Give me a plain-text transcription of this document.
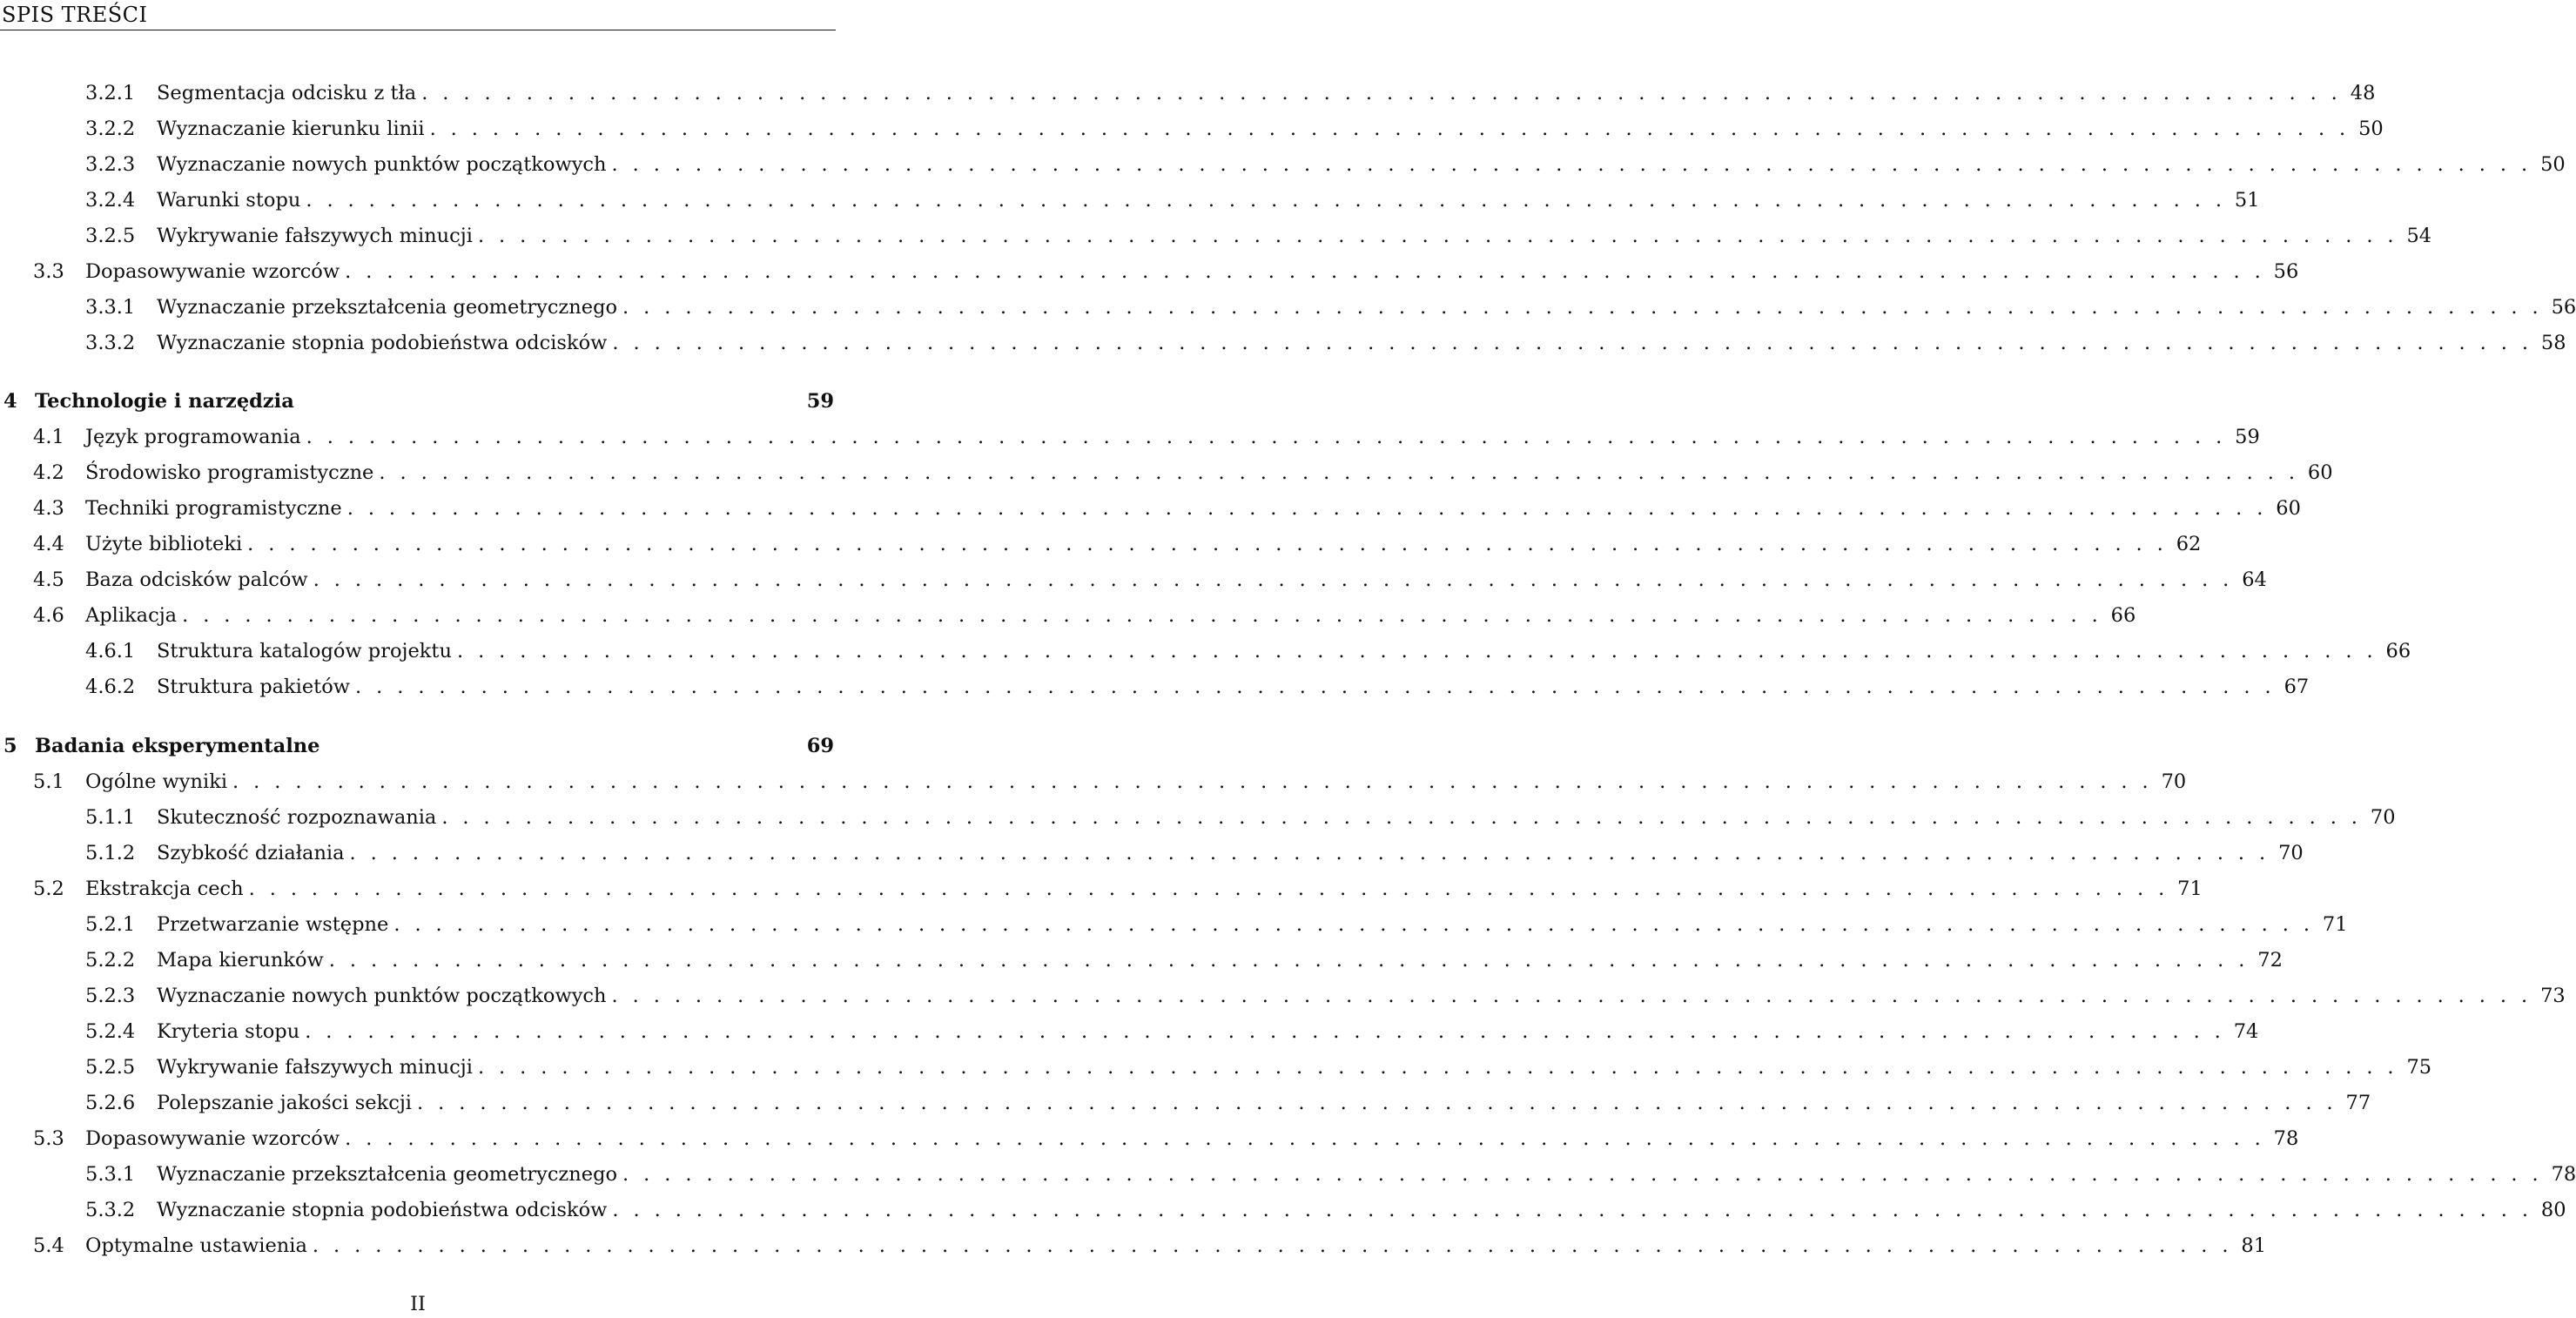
SPIS TREŚCI
3.2.1	Segmentacja odcisku z tła . . .	48
3.2.2	Wyznaczanie kierunku linii . . .	50
3.2.3	Wyznaczanie nowych punktów początkowych . . .	50
3.2.4	Warunki stopu . . .	51
3.2.5	Wykrywanie fałszywych minucji . . .	54
3.3	Dopasowywanie wzorców . . .	56
3.3.1	Wyznaczanie przekształcenia geometrycznego . . .	56
3.3.2	Wyznaczanie stopnia podobieństwa odcisków . . .	58
4 Technologie i narzędzia	59
4.1	Język programowania . . .	59
4.2	Środowisko programistyczne . . .	60
4.3	Techniki programistyczne . . .	60
4.4	Użyte biblioteki . . .	62
4.5	Baza odcisków palców . . .	64
4.6	Aplikacja . . .	66
4.6.1	Struktura katalogów projektu . . .	66
4.6.2	Struktura pakietów . . .	67
5 Badania eksperymentalne	69
5.1	Ogólne wyniki . . .	70
5.1.1	Skuteczność rozpoznawania . . .	70
5.1.2	Szybkość działania . . .	70
5.2	Ekstrakcja cech . . .	71
5.2.1	Przetwarzanie wstępne . . .	71
5.2.2	Mapa kierunków . . .	72
5.2.3	Wyznaczanie nowych punktów początkowych . . .	73
5.2.4	Kryteria stopu . . .	74
5.2.5	Wykrywanie fałszywych minucji . . .	75
5.2.6	Polepszanie jakości sekcji . . .	77
5.3	Dopasowywanie wzorców . . .	78
5.3.1	Wyznaczanie przekształcenia geometrycznego . . .	78
5.3.2	Wyznaczanie stopnia podobieństwa odcisków . . .	80
5.4	Optymalne ustawienia . . .	81
II
